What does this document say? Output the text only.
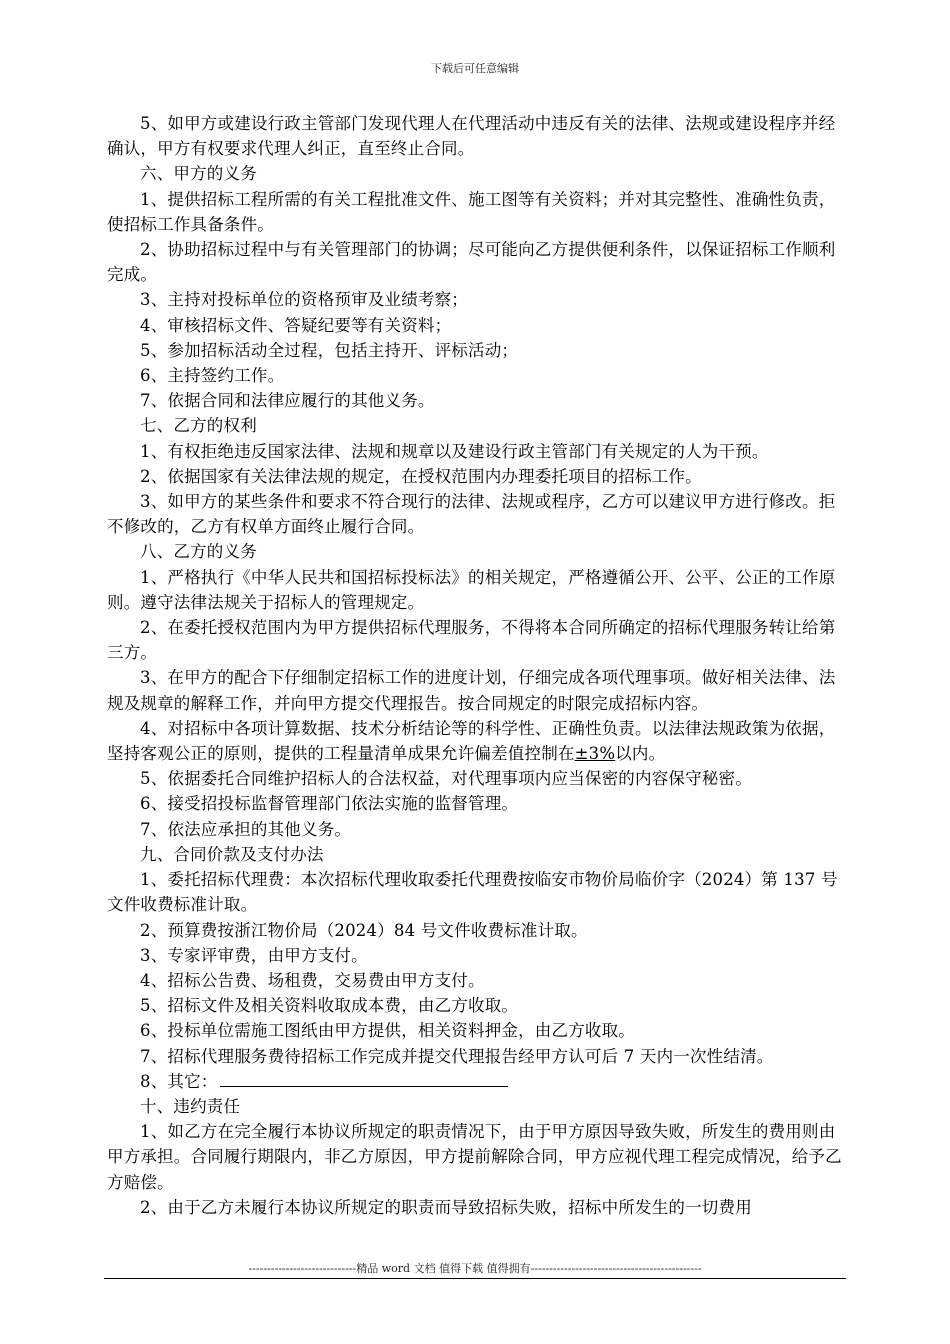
下载后可任意编辑

5、如甲方或建设行政主管部门发现代理人在代理活动中违反有关的法律、法规或建设程序并经确认，甲方有权要求代理人纠正，直至终止合同。

六、甲方的义务

1、提供招标工程所需的有关工程批准文件、施工图等有关资料；并对其完整性、准确性负责，使招标工作具备条件。

2、协助招标过程中与有关管理部门的协调；尽可能向乙方提供便利条件，以保证招标工作顺利完成。

3、主持对投标单位的资格预审及业绩考察；

4、审核招标文件、答疑纪要等有关资料；

5、参加招标活动全过程，包括主持开、评标活动；

6、主持签约工作。

7、依据合同和法律应履行的其他义务。

七、乙方的权利

1、有权拒绝违反国家法律、法规和规章以及建设行政主管部门有关规定的人为干预。

2、依据国家有关法律法规的规定，在授权范围内办理委托项目的招标工作。

3、如甲方的某些条件和要求不符合现行的法律、法规或程序，乙方可以建议甲方进行修改。拒不修改的，乙方有权单方面终止履行合同。

八、乙方的义务

1、严格执行《中华人民共和国招标投标法》的相关规定，严格遵循公开、公平、公正的工作原则。遵守法律法规关于招标人的管理规定。

2、在委托授权范围内为甲方提供招标代理服务，不得将本合同所确定的招标代理服务转让给第三方。

3、在甲方的配合下仔细制定招标工作的进度计划，仔细完成各项代理事项。做好相关法律、法规及规章的解释工作，并向甲方提交代理报告。按合同规定的时限完成招标内容。

4、对招标中各项计算数据、技术分析结论等的科学性、正确性负责。以法律法规政策为依据，坚持客观公正的原则，提供的工程量清单成果允许偏差值控制在±3%以内。

5、依据委托合同维护招标人的合法权益，对代理事项内应当保密的内容保守秘密。

6、接受招投标监督管理部门依法实施的监督管理。

7、依法应承担的其他义务。

九、合同价款及支付办法

1、委托招标代理费：本次招标代理收取委托代理费按临安市物价局临价字（2024）第 137 号文件收费标准计取。

2、预算费按浙江物价局（2024）84 号文件收费标准计取。

3、专家评审费，由甲方支付。

4、招标公告费、场租费，交易费由甲方支付。

5、招标文件及相关资料收取成本费，由乙方收取。

6、投标单位需施工图纸由甲方提供，相关资料押金，由乙方收取。

7、招标代理服务费待招标工作完成并提交代理报告经甲方认可后 7 天内一次性结清。

8、其它：

十、违约责任

1、如乙方在完全履行本协议所规定的职责情况下，由于甲方原因导致失败，所发生的费用则由甲方承担。合同履行期限内，非乙方原因，甲方提前解除合同，甲方应视代理工程完成情况，给予乙方赔偿。

2、由于乙方未履行本协议所规定的职责而导致招标失败，招标中所发生的一切费用

-----------------------------精品 word 文档 值得下载 值得拥有----------------------------------------------
